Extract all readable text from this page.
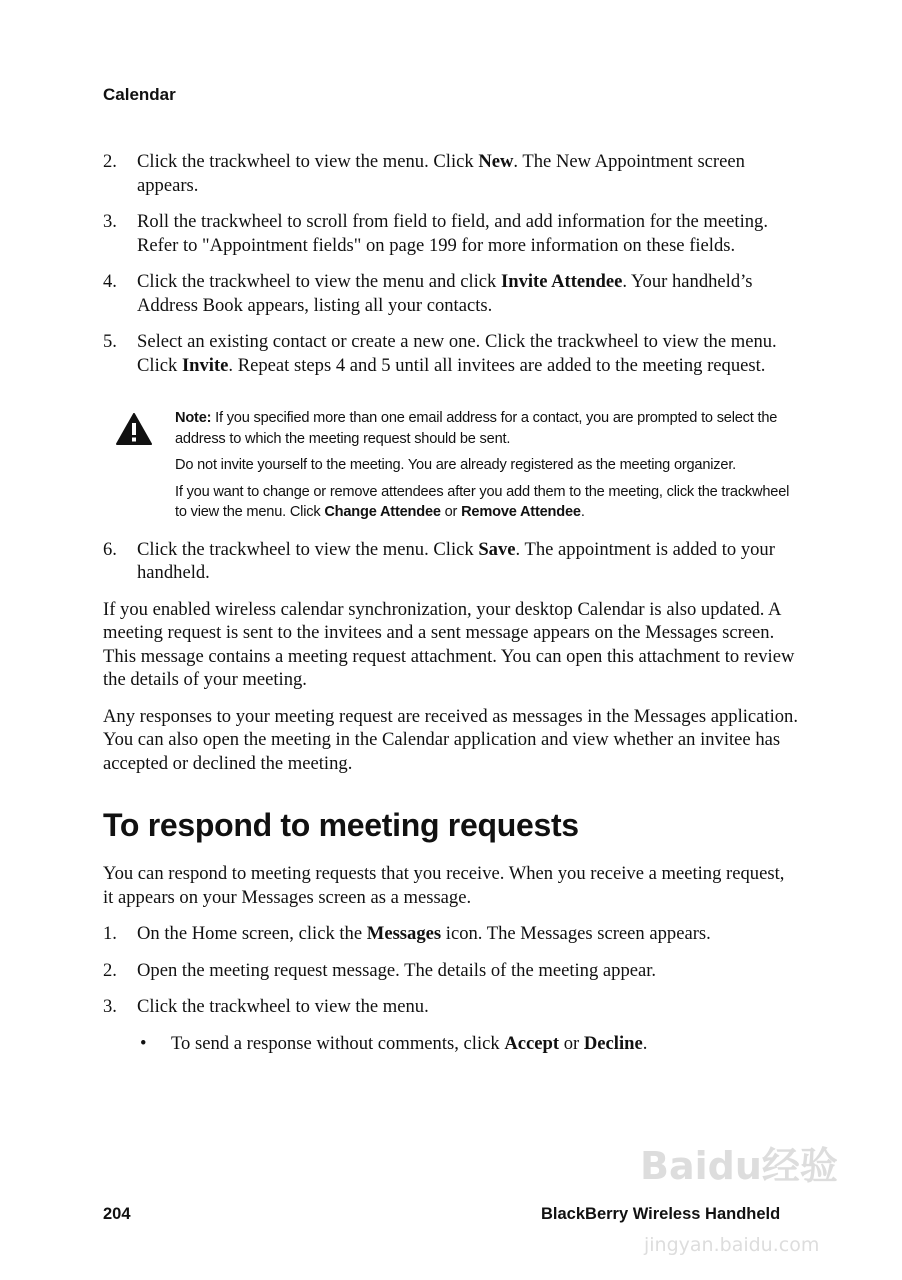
Calendar
2. Click the trackwheel to view the menu. Click New. The New Appointment screen appears.
3. Roll the trackwheel to scroll from field to field, and add information for the meeting. Refer to "Appointment fields" on page 199 for more information on these fields.
4. Click the trackwheel to view the menu and click Invite Attendee. Your handheld’s Address Book appears, listing all your contacts.
5. Select an existing contact or create a new one. Click the trackwheel to view the menu. Click Invite. Repeat steps 4 and 5 until all invitees are added to the meeting request.

Note: If you specified more than one email address for a contact, you are prompted to select the address to which the meeting request should be sent.

Do not invite yourself to the meeting. You are already registered as the meeting organizer.

If you want to change or remove attendees after you add them to the meeting, click the trackwheel to view the menu. Click Change Attendee or Remove Attendee.

6. Click the trackwheel to view the menu. Click Save. The appointment is added to your handheld.
If you enabled wireless calendar synchronization, your desktop Calendar is also updated. A meeting request is sent to the invitees and a sent message appears on the Messages screen. This message contains a meeting request attachment. You can open this attachment to review the details of your meeting.
Any responses to your meeting request are received as messages in the Messages application. You can also open the meeting in the Calendar application and view whether an invitee has accepted or declined the meeting.
To respond to meeting requests
You can respond to meeting requests that you receive. When you receive a meeting request, it appears on your Messages screen as a message.
1. On the Home screen, click the Messages icon. The Messages screen appears.
2. Open the meeting request message. The details of the meeting appear.
3. Click the trackwheel to view the menu.
• To send a response without comments, click Accept or Decline.
Baidu经验
jingyan.baidu.com
204	BlackBerry Wireless Handheld
